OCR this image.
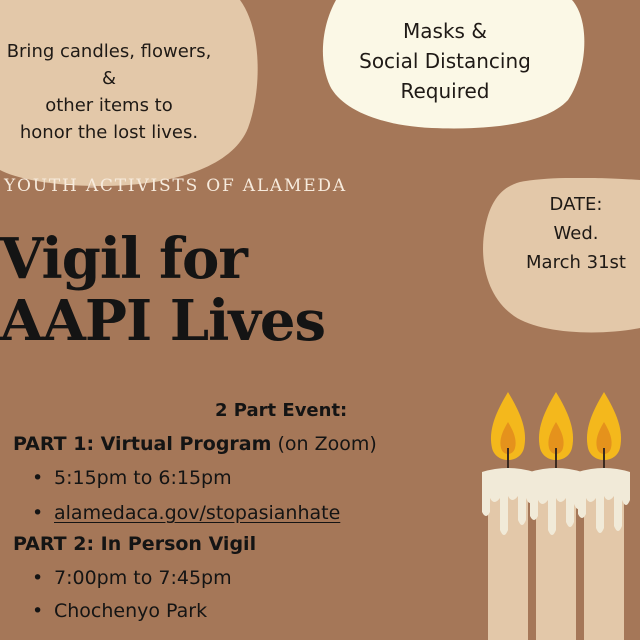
Bring candles, flowers, &
other items to
honor the lost lives.
Masks &
Social Distancing
Required
DATE:
Wed.
March 31st
YOUTH ACTIVISTS OF ALAMEDA
Vigil for
AAPI Lives
2 Part Event:
PART 1: Virtual Program (on Zoom)
• 5:15pm to 6:15pm
• alamedaca.gov/stopasianhate
PART 2: In Person Vigil
• 7:00pm to 7:45pm
• Chochenyo Park
